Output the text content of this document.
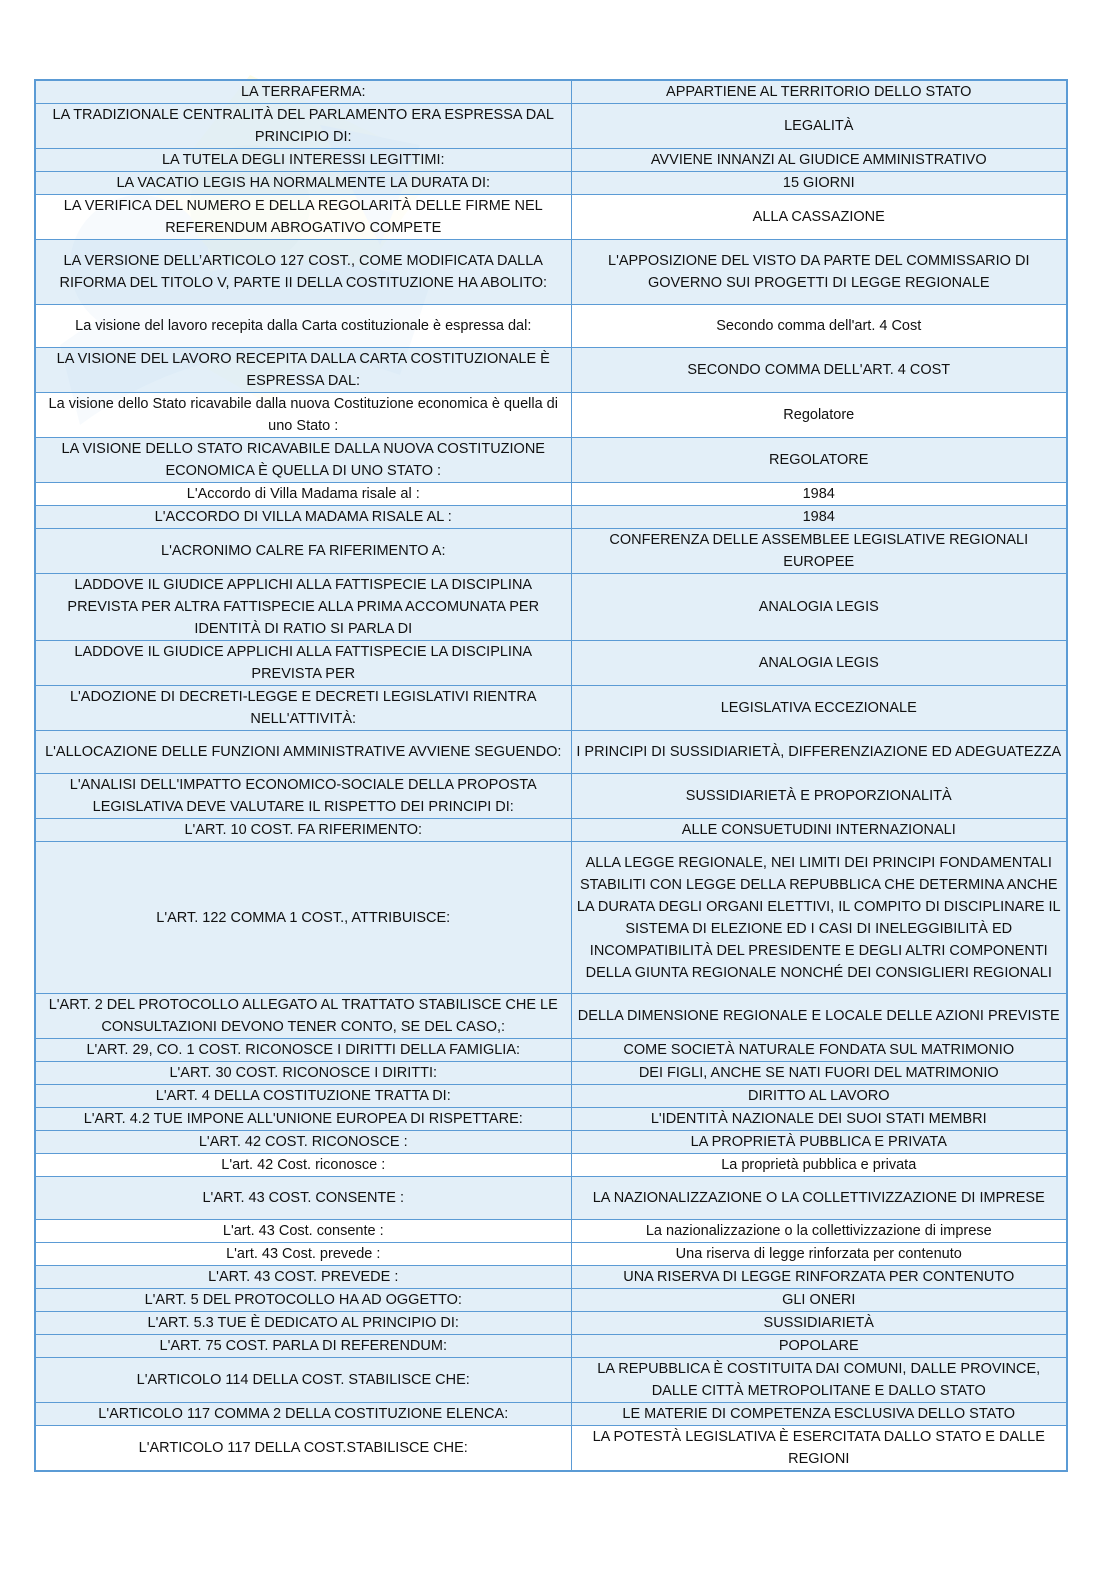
LA TERRAFERMA:	APPARTIENE AL TERRITORIO DELLO STATO
LA TRADIZIONALE CENTRALITÀ DEL PARLAMENTO ERA ESPRESSA DAL PRINCIPIO DI:	LEGALITÀ
LA TUTELA DEGLI INTERESSI LEGITTIMI:	AVVIENE INNANZI AL GIUDICE AMMINISTRATIVO
LA VACATIO LEGIS HA NORMALMENTE LA DURATA DI:	15 GIORNI
LA VERIFICA DEL NUMERO E DELLA REGOLARITÀ DELLE FIRME NEL REFERENDUM ABROGATIVO COMPETE	ALLA CASSAZIONE
LA VERSIONE DELL’ARTICOLO 127 COST., COME MODIFICATA DALLA RIFORMA DEL TITOLO V, PARTE II DELLA COSTITUZIONE HA ABOLITO:	L'APPOSIZIONE DEL VISTO DA PARTE DEL COMMISSARIO DI GOVERNO SUI PROGETTI DI LEGGE REGIONALE
La visione del lavoro recepita dalla Carta costituzionale è espressa dal:	Secondo comma dell'art. 4 Cost
LA VISIONE DEL LAVORO RECEPITA DALLA CARTA COSTITUZIONALE È ESPRESSA DAL:	SECONDO COMMA DELL'ART. 4 COST
La visione dello Stato ricavabile dalla nuova Costituzione economica è quella di uno Stato :	Regolatore
LA VISIONE DELLO STATO RICAVABILE DALLA NUOVA COSTITUZIONE ECONOMICA È QUELLA DI UNO STATO :	REGOLATORE
L'Accordo di Villa Madama risale al :	1984
L'ACCORDO DI VILLA MADAMA RISALE AL :	1984
L'ACRONIMO CALRE FA RIFERIMENTO A:	CONFERENZA DELLE ASSEMBLEE LEGISLATIVE REGIONALI EUROPEE
LADDOVE IL GIUDICE APPLICHI ALLA FATTISPECIE LA DISCIPLINA PREVISTA PER ALTRA FATTISPECIE ALLA PRIMA ACCOMUNATA PER IDENTITÀ DI RATIO SI PARLA DI	ANALOGIA LEGIS
LADDOVE IL GIUDICE APPLICHI ALLA FATTISPECIE LA DISCIPLINA PREVISTA PER	ANALOGIA LEGIS
L'ADOZIONE DI DECRETI-LEGGE E DECRETI LEGISLATIVI RIENTRA NELL'ATTIVITÀ:	LEGISLATIVA ECCEZIONALE
L'ALLOCAZIONE DELLE FUNZIONI AMMINISTRATIVE AVVIENE SEGUENDO:	I PRINCIPI DI SUSSIDIARIETÀ, DIFFERENZIAZIONE ED ADEGUATEZZA
L'ANALISI DELL'IMPATTO ECONOMICO-SOCIALE DELLA PROPOSTA LEGISLATIVA DEVE VALUTARE IL RISPETTO DEI PRINCIPI DI:	SUSSIDIARIETÀ E PROPORZIONALITÀ
L'ART. 10 COST. FA RIFERIMENTO:	ALLE CONSUETUDINI INTERNAZIONALI
L'ART. 122 COMMA 1 COST., ATTRIBUISCE:	ALLA LEGGE REGIONALE, NEI LIMITI DEI PRINCIPI FONDAMENTALI STABILITI CON LEGGE DELLA REPUBBLICA CHE DETERMINA ANCHE LA DURATA DEGLI ORGANI ELETTIVI, IL COMPITO DI DISCIPLINARE IL SISTEMA DI ELEZIONE ED I CASI DI INELEGGIBILITÀ ED INCOMPATIBILITÀ DEL PRESIDENTE E DEGLI ALTRI COMPONENTI DELLA GIUNTA REGIONALE NONCHÉ DEI CONSIGLIERI REGIONALI
L'ART. 2 DEL PROTOCOLLO ALLEGATO AL TRATTATO STABILISCE CHE LE CONSULTAZIONI DEVONO TENER CONTO, SE DEL CASO,:	DELLA DIMENSIONE REGIONALE E LOCALE DELLE AZIONI PREVISTE
L'ART. 29, CO. 1 COST. RICONOSCE I DIRITTI DELLA FAMIGLIA:	COME SOCIETÀ NATURALE FONDATA SUL MATRIMONIO
L'ART. 30 COST. RICONOSCE I DIRITTI:	DEI FIGLI, ANCHE SE NATI FUORI DEL MATRIMONIO
L'ART. 4 DELLA COSTITUZIONE TRATTA DI:	DIRITTO AL LAVORO
L'ART. 4.2 TUE IMPONE ALL'UNIONE EUROPEA DI RISPETTARE:	L'IDENTITÀ NAZIONALE DEI SUOI STATI MEMBRI
L'ART. 42 COST. RICONOSCE :	LA PROPRIETÀ PUBBLICA E PRIVATA
L'art. 42 Cost. riconosce :	La proprietà pubblica e privata
L'ART. 43 COST. CONSENTE :	LA NAZIONALIZZAZIONE O LA COLLETTIVIZZAZIONE DI IMPRESE
L'art. 43 Cost. consente :	La nazionalizzazione o la collettivizzazione di imprese
L'art. 43 Cost. prevede :	Una riserva di legge rinforzata per contenuto
L'ART. 43 COST. PREVEDE :	UNA RISERVA DI LEGGE RINFORZATA PER CONTENUTO
L'ART. 5 DEL PROTOCOLLO HA AD OGGETTO:	GLI ONERI
L'ART. 5.3 TUE È DEDICATO AL PRINCIPIO DI:	SUSSIDIARIETÀ
L'ART. 75 COST. PARLA DI REFERENDUM:	POPOLARE
L'ARTICOLO 114 DELLA COST. STABILISCE CHE:	LA REPUBBLICA È COSTITUITA DAI COMUNI, DALLE PROVINCE, DALLE CITTÀ METROPOLITANE E DALLO STATO
L'ARTICOLO 117 COMMA 2 DELLA COSTITUZIONE ELENCA:	LE MATERIE DI COMPETENZA ESCLUSIVA DELLO STATO
L'ARTICOLO 117 DELLA COST.STABILISCE CHE:	LA POTESTÀ LEGISLATIVA È ESERCITATA DALLO STATO E DALLE REGIONI
